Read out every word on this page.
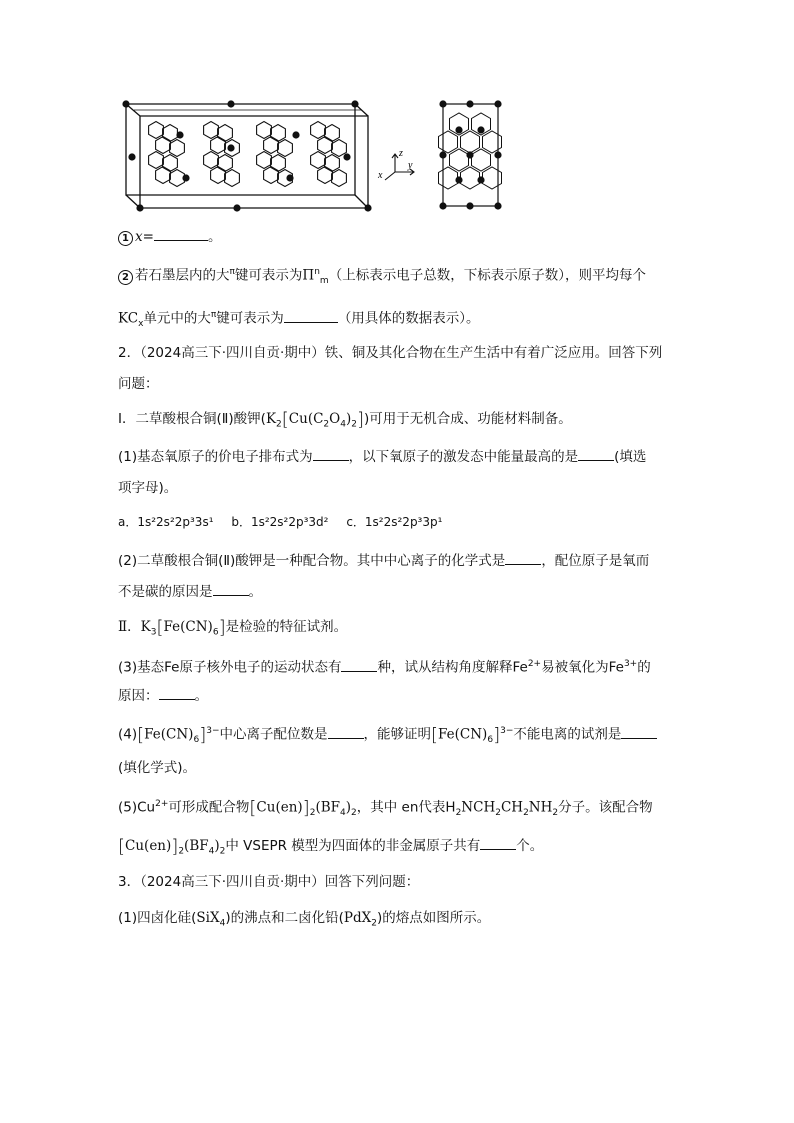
z
y
x
1 x=	。
2 若石墨层内的大$^\pi$键可表示为$\Pi^n_m$（上标表示电子总数，下标表示原子数），则平均每个
$KC_x$单元中的大$^\pi$键可表示为	（用具体的数据表示）。
2．（2024高三下·四川自贡·期中）铁、铜及其化合物在生产生活中有着广泛应用。回答下列
问题：
Ⅰ．二草酸根合铜(Ⅱ)酸钾$(K_2[Cu(C_2O_4)_2])$可用于无机合成、功能材料制备。
(1)基态氧原子的价电子排布式为	，以下氧原子的激发态中能量最高的是	(填选
项字母)。
a．1s²2s²2p³3s¹ b．1s²2s²2p³3d² c．1s²2s²2p³3p¹
(2)二草酸根合铜(Ⅱ)酸钾是一种配合物。其中中心离子的化学式是	，配位原子是氧而
不是碳的原因是	。
Ⅱ．$K_3[Fe(CN)_6]$是检验的特征试剂。
(3)基态Fe原子核外电子的运动状态有	种，试从结构角度解释$Fe^{2+}$易被氧化为$Fe^{3+}$的
原因：	。
$(4)[Fe(CN)_6]^{3-}$中心离子配位数是	，能够证明$[Fe(CN)_6]^{3-}$不能电离的试剂是
(填化学式)。
$(5)Cu^{2+}$可形成配合物$[Cu(en)]_2(BF_4)_2$，其中 en代表$H_2NCH_2CH_2NH_2$分子。该配合物
$[Cu(en)]_2(BF_4)_2$中 VSEPR 模型为四面体的非金属原子共有	个。
3．（2024高三下·四川自贡·期中）回答下列问题：
(1)四卤化硅(SiX$_4$)的沸点和二卤化铅(PdX$_2$)的熔点如图所示。
